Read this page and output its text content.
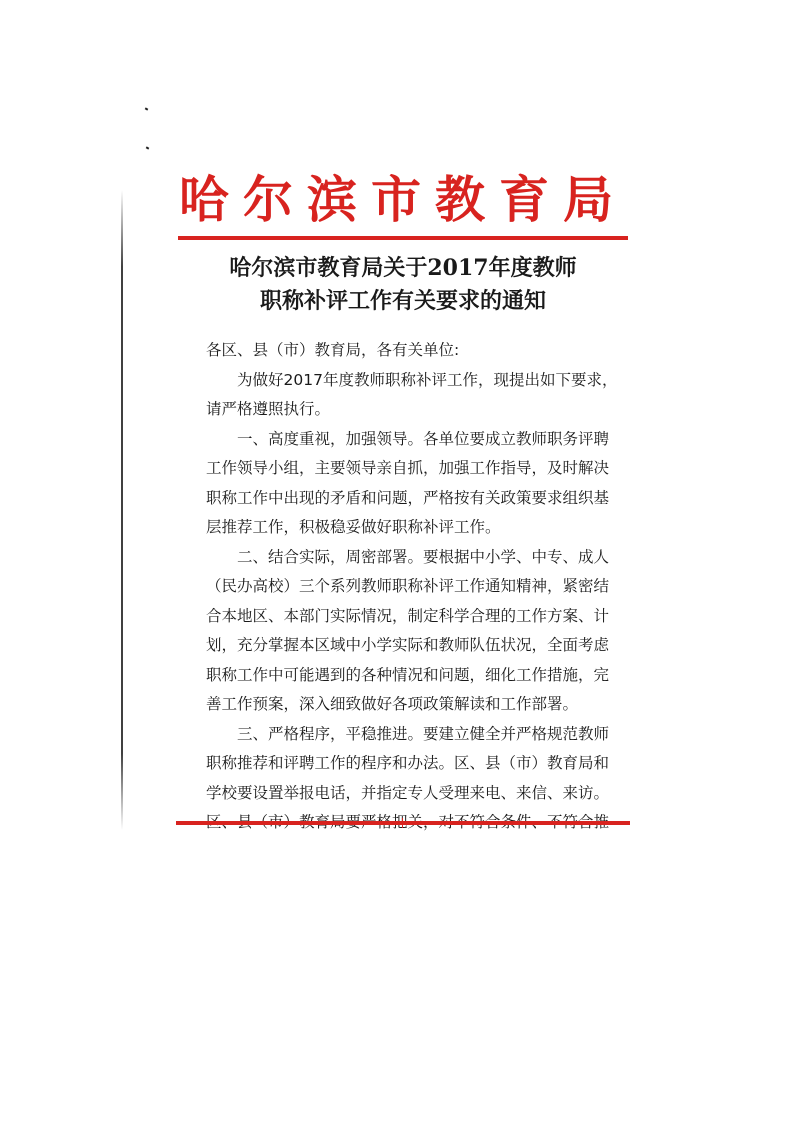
哈尔滨市教育局
哈尔滨市教育局关于2017年度教师
职称补评工作有关要求的通知
各区、县（市）教育局，各有关单位:
为做好2017年度教师职称补评工作，现提出如下要求，
请严格遵照执行。
一、高度重视，加强领导。各单位要成立教师职务评聘
工作领导小组，主要领导亲自抓，加强工作指导，及时解决
职称工作中出现的矛盾和问题，严格按有关政策要求组织基
层推荐工作，积极稳妥做好职称补评工作。
二、结合实际，周密部署。要根据中小学、中专、成人
（民办高校）三个系列教师职称补评工作通知精神，紧密结
合本地区、本部门实际情况，制定科学合理的工作方案、计
划，充分掌握本区域中小学实际和教师队伍状况，全面考虑
职称工作中可能遇到的各种情况和问题，细化工作措施，完
善工作预案，深入细致做好各项政策解读和工作部署。
三、严格程序，平稳推进。要建立健全并严格规范教师
职称推荐和评聘工作的程序和办法。区、县（市）教育局和
学校要设置举报电话，并指定专人受理来电、来信、来访。
